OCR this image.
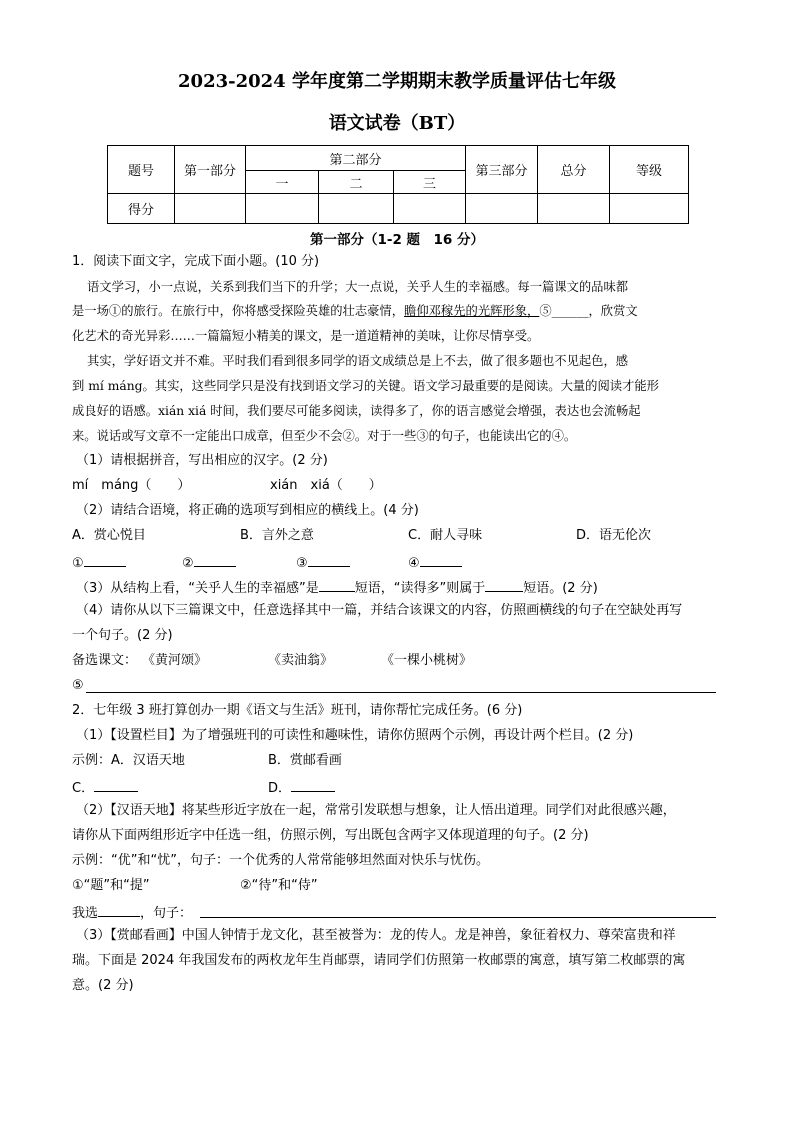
2023-2024 学年度第二学期期末教学质量评估七年级
语文试卷（BT）
题号	第一部分	第二部分			第三部分	总分	等级
		一	二	三			
得分							
第一部分（1-2 题　16 分）
1．阅读下面文字，完成下面小题。(10 分)
语文学习，小一点说，关系到我们当下的升学；大一点说，关乎人生的幸福感。每一篇课文的品味都
是一场①的旅行。在旅行中，你将感受探险英雄的壮志豪情，瞻仰邓稼先的光辉形象，⑤______，欣赏文
化艺术的奇光异彩……一篇篇短小精美的课文，是一道道精神的美味，让你尽情享受。
其实，学好语文并不难。平时我们看到很多同学的语文成绩总是上不去，做了很多题也不见起色，感
到 mí máng。其实，这些同学只是没有找到语文学习的关键。语文学习最重要的是阅读。大量的阅读才能形
成良好的语感。xián xiá 时间，我们要尽可能多阅读，读得多了，你的语言感觉会增强，表达也会流畅起
来。说话或写文章不一定能出口成章，但至少不会②。对于一些③的句子，也能读出它的④。
（1）请根据拼音，写出相应的汉字。(2 分)
mí　máng（　　）	xián　xiá（　　）
（2）请结合语境，将正确的选项写到相应的横线上。(4 分)
A．赏心悦目	B．言外之意	C．耐人寻味	D．语无伦次
①	②	③	④
（3）从结构上看，“关乎人生的幸福感”是	短语，“读得多”则属于	短语。(2 分)
（4）请你从以下三篇课文中，任意选择其中一篇，并结合该课文的内容，仿照画横线的句子在空缺处再写
一个句子。(2 分)
备选课文： 《黄河颂》	《卖油翁》	《一棵小桃树》
⑤
2．七年级 3 班打算创办一期《语文与生活》班刊，请你帮忙完成任务。(6 分)
（1）【设置栏目】为了增强班刊的可读性和趣味性，请你仿照两个示例，再设计两个栏目。(2 分)
示例：A．汉语天地	B．赏邮看画
C．	D．
（2）【汉语天地】将某些形近字放在一起，常常引发联想与想象，让人悟出道理。同学们对此很感兴趣，
请你从下面两组形近字中任选一组，仿照示例，写出既包含两字又体现道理的句子。(2 分)
示例：“优”和“忧”，句子：一个优秀的人常常能够坦然面对快乐与忧伤。
①“题”和“提”	②“待”和“侍”
我选	，句子：
（3）【赏邮看画】中国人钟情于龙文化，甚至被誉为：龙的传人。龙是神兽，象征着权力、尊荣富贵和祥
瑞。下面是 2024 年我国发布的两枚龙年生肖邮票，请同学们仿照第一枚邮票的寓意，填写第二枚邮票的寓
意。(2 分)
